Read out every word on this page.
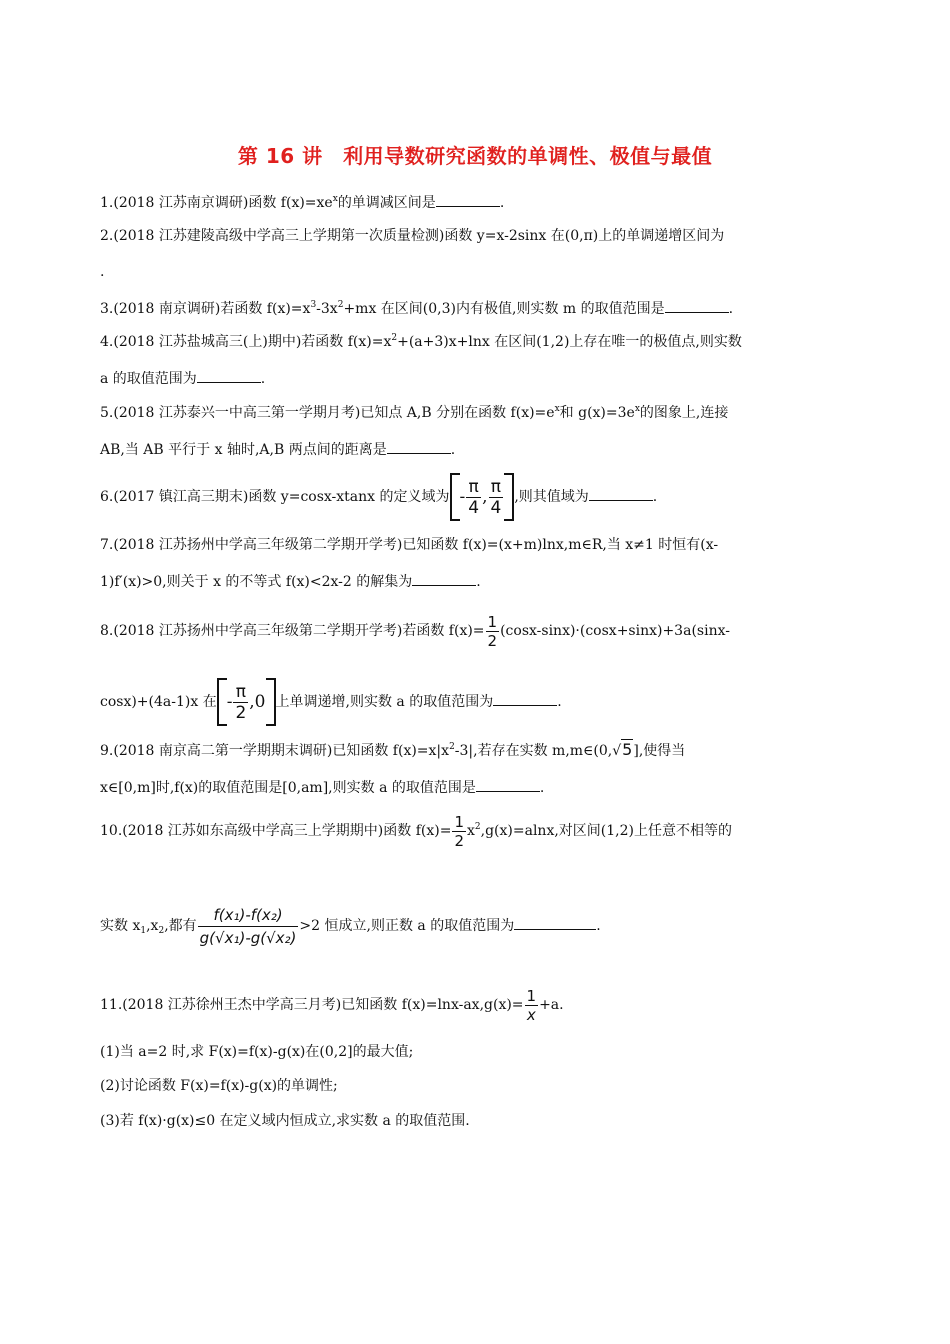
第 16 讲　利用导数研究函数的单调性、极值与最值
1.(2018 江苏南京调研)函数 $f(x)=xe^x$的单调减区间是	.
2.(2018 江苏建陵高级中学高三上学期第一次质量检测)函数 y=x-2sinx 在(0,π)上的单调递增区间为
.
3.(2018 南京调研)若函数 $f(x)=x^3-3x^2+mx$ 在区间(0,3)内有极值,则实数 m 的取值范围是	.
4.(2018 江苏盐城高三(上)期中)若函数 $f(x)=x^2+(a+3)x+\ln x$ 在区间(1,2)上存在唯一的极值点,则实数
a 的取值范围为	.
5.(2018 江苏泰兴一中高三第一学期月考)已知点 A,B 分别在函数 $f(x)=e^x$和 $g(x)=3e^x$的图象上,连接
AB,当 AB 平行于 x 轴时,A,B 两点间的距离是	.
6.(2017 镇江高三期末)函数 y=cosx-xtanx 的定义域为 - $\frac{\pi}{4}$ , $\frac{\pi}{4}$ ,则其值域为	.
7.(2018 江苏扬州中学高三年级第二学期开学考)已知函数 f(x)=(x+m)lnx,m∈R,当 x≠1 时恒有(x-
1)f′(x)>0,则关于 x 的不等式 f(x)<2x-2 的解集为	.
8.(2018 江苏扬州中学高三年级第二学期开学考)若函数 $f(x)= \frac{1}{2} (\cos x-\sin x)\cdot(\cos x+\sin x)+3a(\sin x-$
cosx)+(4a-1)x 在 - $\frac{\pi}{2} ,0$ 上单调递增,则实数 a 的取值范围为	.
9.(2018 南京高二第一学期期末调研)已知函数 $f(x)=x|x^2-3|$,若存在实数 m,m∈(0,√5],使得当
x∈[0,m]时,f(x)的取值范围是[0,am],则实数 a 的取值范围是	.
10.(2018 江苏如东高级中学高三上学期期中)函数 $f(x)= \frac{1}{2} x^2,g(x)=alnx$,对区间(1,2)上任意不相等的
实数 $x_1,x_2$,都有 $\frac{\text{f(x₁)-f(x₂)}}{\text{g(√x₁)-g(√x₂)}} >2$ 恒成立,则正数 a 的取值范围为	.
11.(2018 江苏徐州王杰中学高三月考)已知函数 $f(x)=\ln x-ax,g(x)= \frac{1}{x} +a$.
(1)当 a=2 时,求 F(x)=f(x)-g(x)在(0,2]的最大值;
(2)讨论函数 F(x)=f(x)-g(x)的单调性;
(3)若 f(x)·g(x)≤0 在定义域内恒成立,求实数 a 的取值范围.
